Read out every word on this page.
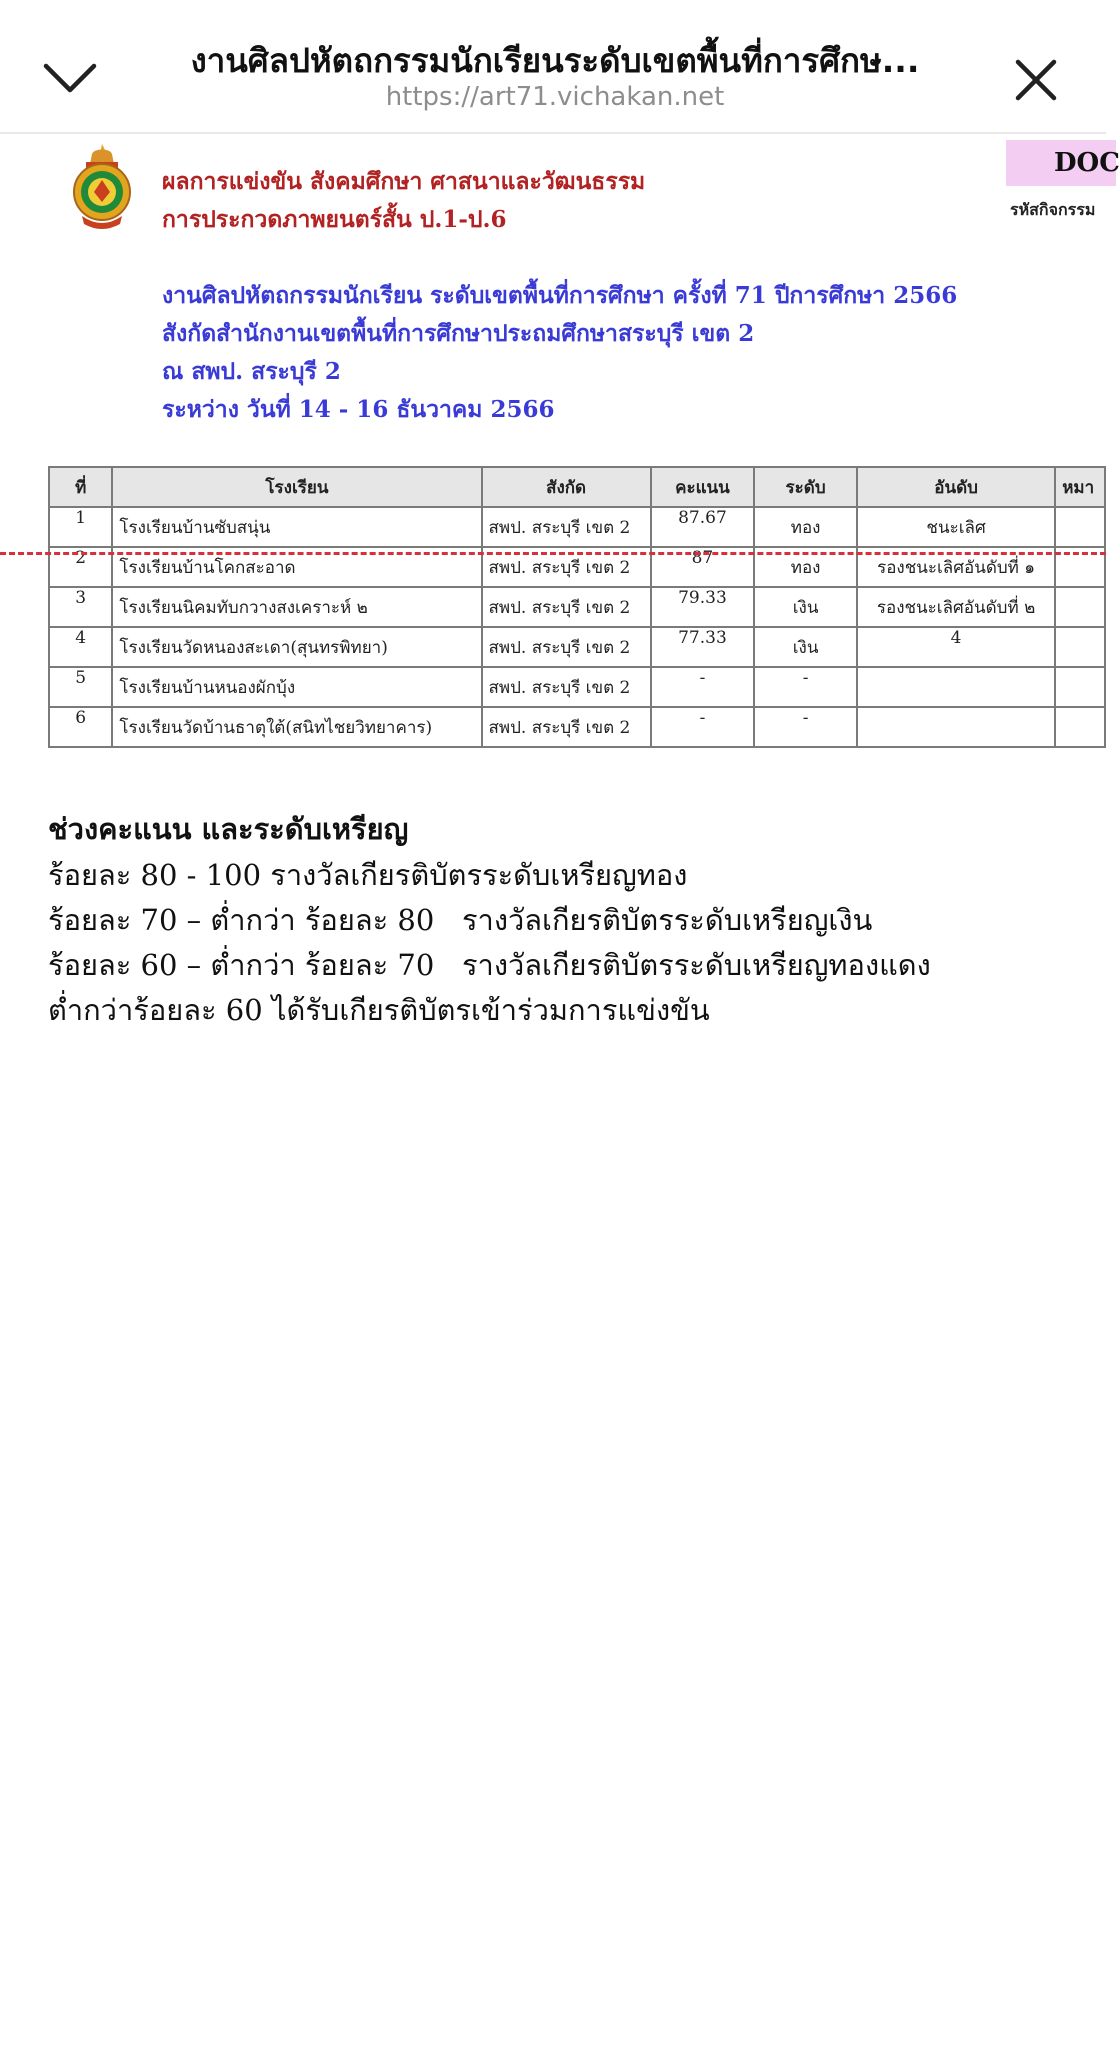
งานศิลปหัตถกรรมนักเรียนระดับเขตพื้นที่การศึกษ...
https://art71.vichakan.net
ผลการแข่งขัน สังคมศึกษา ศาสนาและวัฒนธรรม
การประกวดภาพยนตร์สั้น ป.1-ป.6
งานศิลปหัตถกรรมนักเรียน ระดับเขตพื้นที่การศึกษา ครั้งที่ 71 ปีการศึกษา 2566
สังกัดสำนักงานเขตพื้นที่การศึกษาประถมศึกษาสระบุรี เขต 2
ณ สพป. สระบุรี 2
ระหว่าง วันที่ 14 - 16 ธันวาคม 2566
DOC
รหัสกิจกรรม
ที่	โรงเรียน	สังกัด	คะแนน	ระดับ	อันดับ	หมา
1	โรงเรียนบ้านซับสนุ่น	สพป. สระบุรี เขต 2	87.67	ทอง	ชนะเลิศ	
2	โรงเรียนบ้านโคกสะอาด	สพป. สระบุรี เขต 2	87	ทอง	รองชนะเลิศอันดับที่ ๑	
3	โรงเรียนนิคมทับกวางสงเคราะห์ ๒	สพป. สระบุรี เขต 2	79.33	เงิน	รองชนะเลิศอันดับที่ ๒	
4	โรงเรียนวัดหนองสะเดา(สุนทรพิทยา)	สพป. สระบุรี เขต 2	77.33	เงิน	4	
5	โรงเรียนบ้านหนองผักบุ้ง	สพป. สระบุรี เขต 2	-	-		
6	โรงเรียนวัดบ้านธาตุใต้(สนิทไชยวิทยาคาร)	สพป. สระบุรี เขต 2	-	-		
ช่วงคะแนน และระดับเหรียญ
ร้อยละ 80 - 100 รางวัลเกียรติบัตรระดับเหรียญทอง
ร้อยละ 70 – ต่ำกว่า ร้อยละ 80   รางวัลเกียรติบัตรระดับเหรียญเงิน
ร้อยละ 60 – ต่ำกว่า ร้อยละ 70   รางวัลเกียรติบัตรระดับเหรียญทองแดง
ต่ำกว่าร้อยละ 60 ได้รับเกียรติบัตรเข้าร่วมการแข่งขัน
